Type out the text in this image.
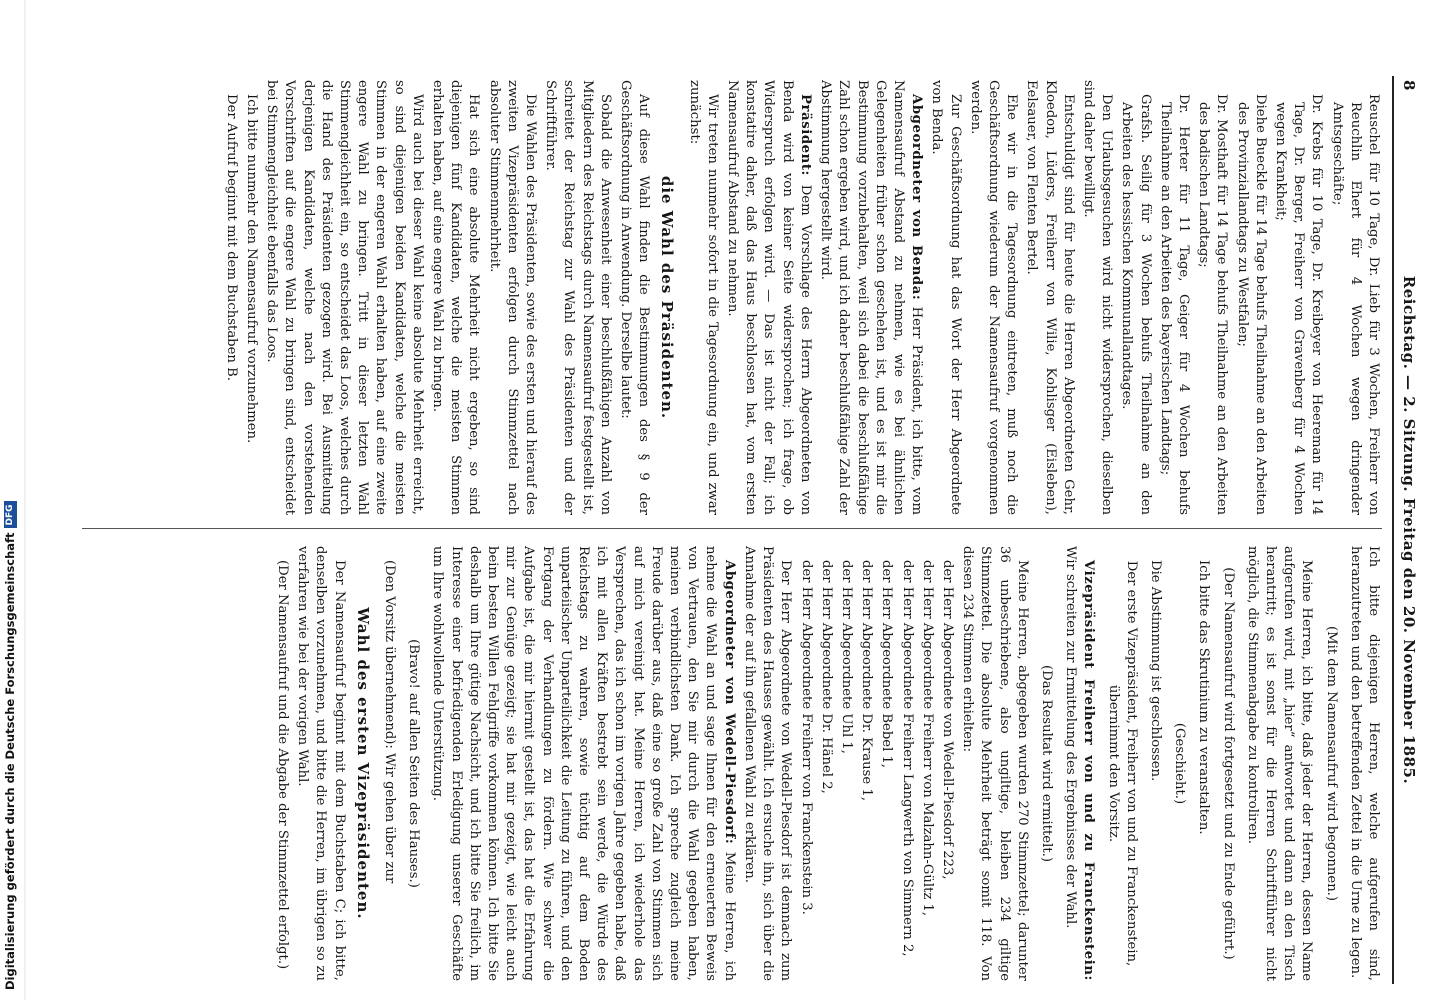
Digitalisierung gefördert durch die Deutsche Forschungsgemeinschaft
DFG
8
Reichstag. — 2. Sitzung. Freitag den 20. November 1885.

Reuschel für 10 Tage, Dr. Lieb für 3 Wochen, Freiherr von Reuchlin Ehert für 4 Wochen wegen dringender Amtsgeschäfte;

Dr. Krebs für 10 Tage, Dr. Kreibeyer von Heereman für 14 Tage, Dr. Berger, Freiherr von Gravenberg für 4 Wochen wegen Krankheit;

Diehe Bueckle für 14 Tage behufs Theilnahme an den Arbeiten des Provinziallandtags zu Westfalen;

Dr. Mosthaft für 14 Tage behufs Theilnahme an den Arbeiten des badischen Landtags;

Dr. Herter für 11 Tage, Geiger für 4 Wochen behufs Theilnahme an den Arbeiten des bayerischen Landtags;

Grafsh. Seilig für 3 Wochen behufs Theilnahme an den Arbeiten des hessischen Kommunallandtages.

Den Urlaubsgesuchen wird nicht widersprochen, dieselben sind daher bewilligt.

Entschuldigt sind für heute die Herren Abgeordneten Gehr, Kloedon, Lüders, Freiherr von Wilie, Kohlisger (Eisleben), Eelsauer, von Flenten Bertel.

Ehe wir in die Tagesordnung eintreten, muß noch die Geschäftsordnung wiederum der Namensaufruf vorgenommen werden.

Zur Geschäftsordnung hat das Wort der Herr Abgeordnete von Benda.

Abgeordneter von Benda: Herr Präsident, ich bitte, vom Namensaufruf Abstand zu nehmen, wie es bei ähnlichen Gelegenheiten früher schon geschehen ist, und es ist mir die Bestimmung vorzubehalten, weil sich dabei die beschlußfähige Zahl schon ergeben wird, und ich daher beschlußfähige Zahl der Abstimmung hergestellt wird.

Präsident: Dem Vorschlage des Herrn Abgeordneten von Benda wird von keiner Seite widersprochen; ich frage, ob Widerspruch erfolgen wird. — Das ist nicht der Fall; ich konstatire daher, daß das Haus beschlossen hat, vom ersten Namensaufruf Abstand zu nehmen.

Wir treten nunmehr sofort in die Tagesordnung ein, und zwar zunächst:

die Wahl des Präsidenten.

Auf diese Wahl finden die Bestimmungen des § 9 der Geschäftsordnung in Anwendung. Derselbe lautet:

Sobald die Anwesenheit einer beschlußfähigen Anzahl von Mitgliedern des Reichstags durch Namensaufruf festgestellt ist, schreitet der Reichstag zur Wahl des Präsidenten und der Schriftführer.

Die Wahlen des Präsidenten, sowie des ersten und hierauf des zweiten Vizepräsidenten erfolgen durch Stimmzettel nach absoluter Stimmenmehrheit.

Hat sich eine absolute Mehrheit nicht ergeben, so sind diejenigen fünf Kandidaten, welche die meisten Stimmen erhalten haben, auf eine engere Wahl zu bringen.

Wird auch bei dieser Wahl keine absolute Mehrheit erreicht, so sind diejenigen beiden Kandidaten, welche die meisten Stimmen in der engeren Wahl erhalten haben, auf eine zweite engere Wahl zu bringen. Tritt in dieser letzten Wahl Stimmengleichheit ein, so entscheidet das Loos, welches durch die Hand des Präsidenten gezogen wird. Bei Ausmittelung derjenigen Kandidaten, welche nach den vorstehenden Vorschriften auf die engere Wahl zu bringen sind, entscheidet bei Stimmengleichheit ebenfalls das Loos.

Ich bitte nunmehr den Namensaufruf vorzunehmen.

Der Aufruf beginnt mit dem Buchstaben B.

Ich bitte diejenigen Herren, welche aufgerufen sind, heranzutreten und den betreffenden Zettel in die Urne zu legen.

(Mit dem Namensaufruf wird begonnen.)

Meine Herren, ich bitte, daß jeder der Herren, dessen Name aufgerufen wird, mit „hier“ antwortet und dann an den Tisch herantritt; es ist sonst für die Herren Schriftführer nicht möglich, die Stimmenabgabe zu kontroliren.

(Der Namensaufruf wird fortgesetzt und zu Ende geführt.)

Ich bitte das Skrutinium zu veranstalten.

(Geschieht.)

Die Abstimmung ist geschlossen.

Der erste Vizepräsident, Freiherr von und zu Franckenstein, übernimmt den Vorsitz.

Vizepräsident Freiherr von und zu Franckenstein: Wir schreiten zur Ermittelung des Ergebnisses der Wahl.

(Das Resultat wird ermittelt.)

Meine Herren, abgegeben wurden 270 Stimmzettel; darunter 36 unbeschriebene, also ungiltige, bleiben 234 giltige Stimmzettel. Die absolute Mehrheit beträgt somit 118. Von diesen 234 Stimmen erhielten:

der Herr Abgeordnete von Wedell-Piesdorf 223,

der Herr Abgeordnete Freiherr von Malzahn-Gültz 1,

der Herr Abgeordnete Freiherr Langwerth von Simmern 2,

der Herr Abgeordnete Bebel 1,

der Herr Abgeordnete Dr. Krause 1,

der Herr Abgeordnete Uhl 1,

der Herr Abgeordnete Dr. Hänel 2,

der Herr Abgeordnete Freiherr von Franckenstein 3.

Der Herr Abgeordnete von Wedell-Piesdorf ist demnach zum Präsidenten des Hauses gewählt. Ich ersuche ihn, sich über die Annahme der auf ihn gefallenen Wahl zu erklären.

Abgeordneter von Wedell-Piesdorf: Meine Herren, ich nehme die Wahl an und sage Ihnen für den erneuerten Beweis von Vertrauen, den Sie mir durch die Wahl gegeben haben, meinen verbindlichsten Dank. Ich spreche zugleich meine Freude darüber aus, daß eine so große Zahl von Stimmen sich auf mich vereinigt hat. Meine Herren, ich wiederhole das Versprechen, das ich schon im vorigen Jahre gegeben habe, daß ich mit allen Kräften bestrebt sein werde, die Würde des Reichstags zu wahren, sowie tüchtig auf dem Boden unparteiischer Unparteilichkeit die Leitung zu führen, und den Fortgang der Verhandlungen zu fördern. Wie schwer die Aufgabe ist, die mir hiermit gestellt ist, das hat die Erfahrung mir zur Genüge gezeigt; sie hat mir gezeigt, wie leicht auch beim besten Willen Fehlgriffe vorkommen können. Ich bitte Sie deshalb um Ihre gütige Nachsicht, und ich bitte Sie freilich, im Interesse einer befriedigenden Erledigung unserer Geschäfte um Ihre wohlwollende Unterstützung.

(Bravo! auf allen Seiten des Hauses.)

(Den Vorsitz übernehmend): Wir gehen über zur

Wahl des ersten Vizepräsidenten.

Der Namensaufruf beginnt mit dem Buchstaben C; ich bitte, denselben vorzunehmen, und bitte die Herren, im übrigen so zu verfahren wie bei der vorigen Wahl.

(Der Namensaufruf und die Abgabe der Stimmzettel erfolgt.)
